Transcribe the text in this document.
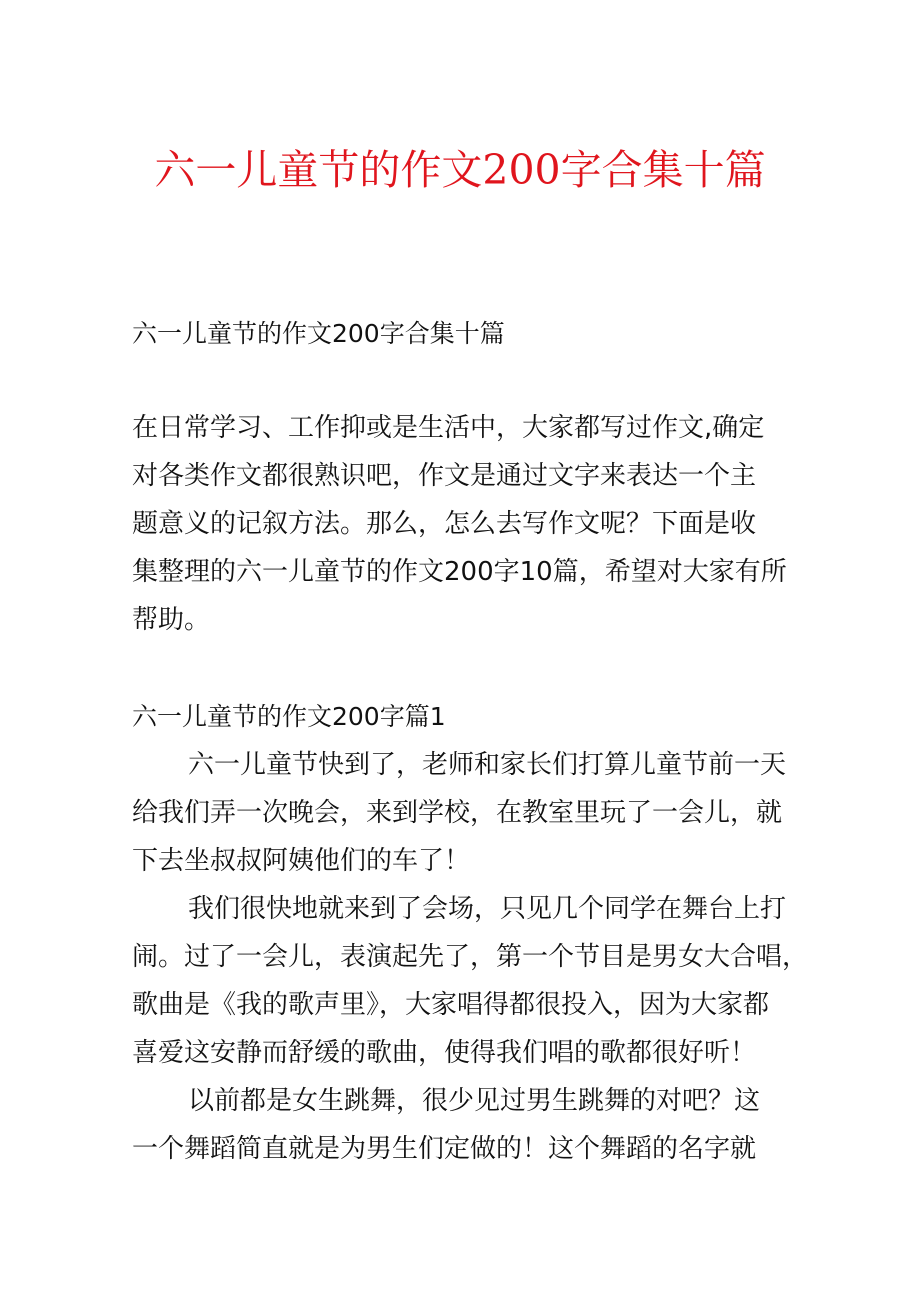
六一儿童节的作文200字合集十篇
六一儿童节的作文200字合集十篇
在日常学习、工作抑或是生活中，大家都写过作文,确定
对各类作文都很熟识吧，作文是通过文字来表达一个主
题意义的记叙方法。那么，怎么去写作文呢？下面是收
集整理的六一儿童节的作文200字10篇，希望对大家有所
帮助。
六一儿童节的作文200字篇1
六一儿童节快到了，老师和家长们打算儿童节前一天
给我们弄一次晚会，来到学校，在教室里玩了一会儿，就
下去坐叔叔阿姨他们的车了！
我们很快地就来到了会场，只见几个同学在舞台上打
闹。过了一会儿，表演起先了，第一个节目是男女大合唱，
歌曲是《我的歌声里》，大家唱得都很投入，因为大家都
喜爱这安静而舒缓的歌曲，使得我们唱的歌都很好听！
以前都是女生跳舞，很少见过男生跳舞的对吧？这
一个舞蹈简直就是为男生们定做的！这个舞蹈的名字就
